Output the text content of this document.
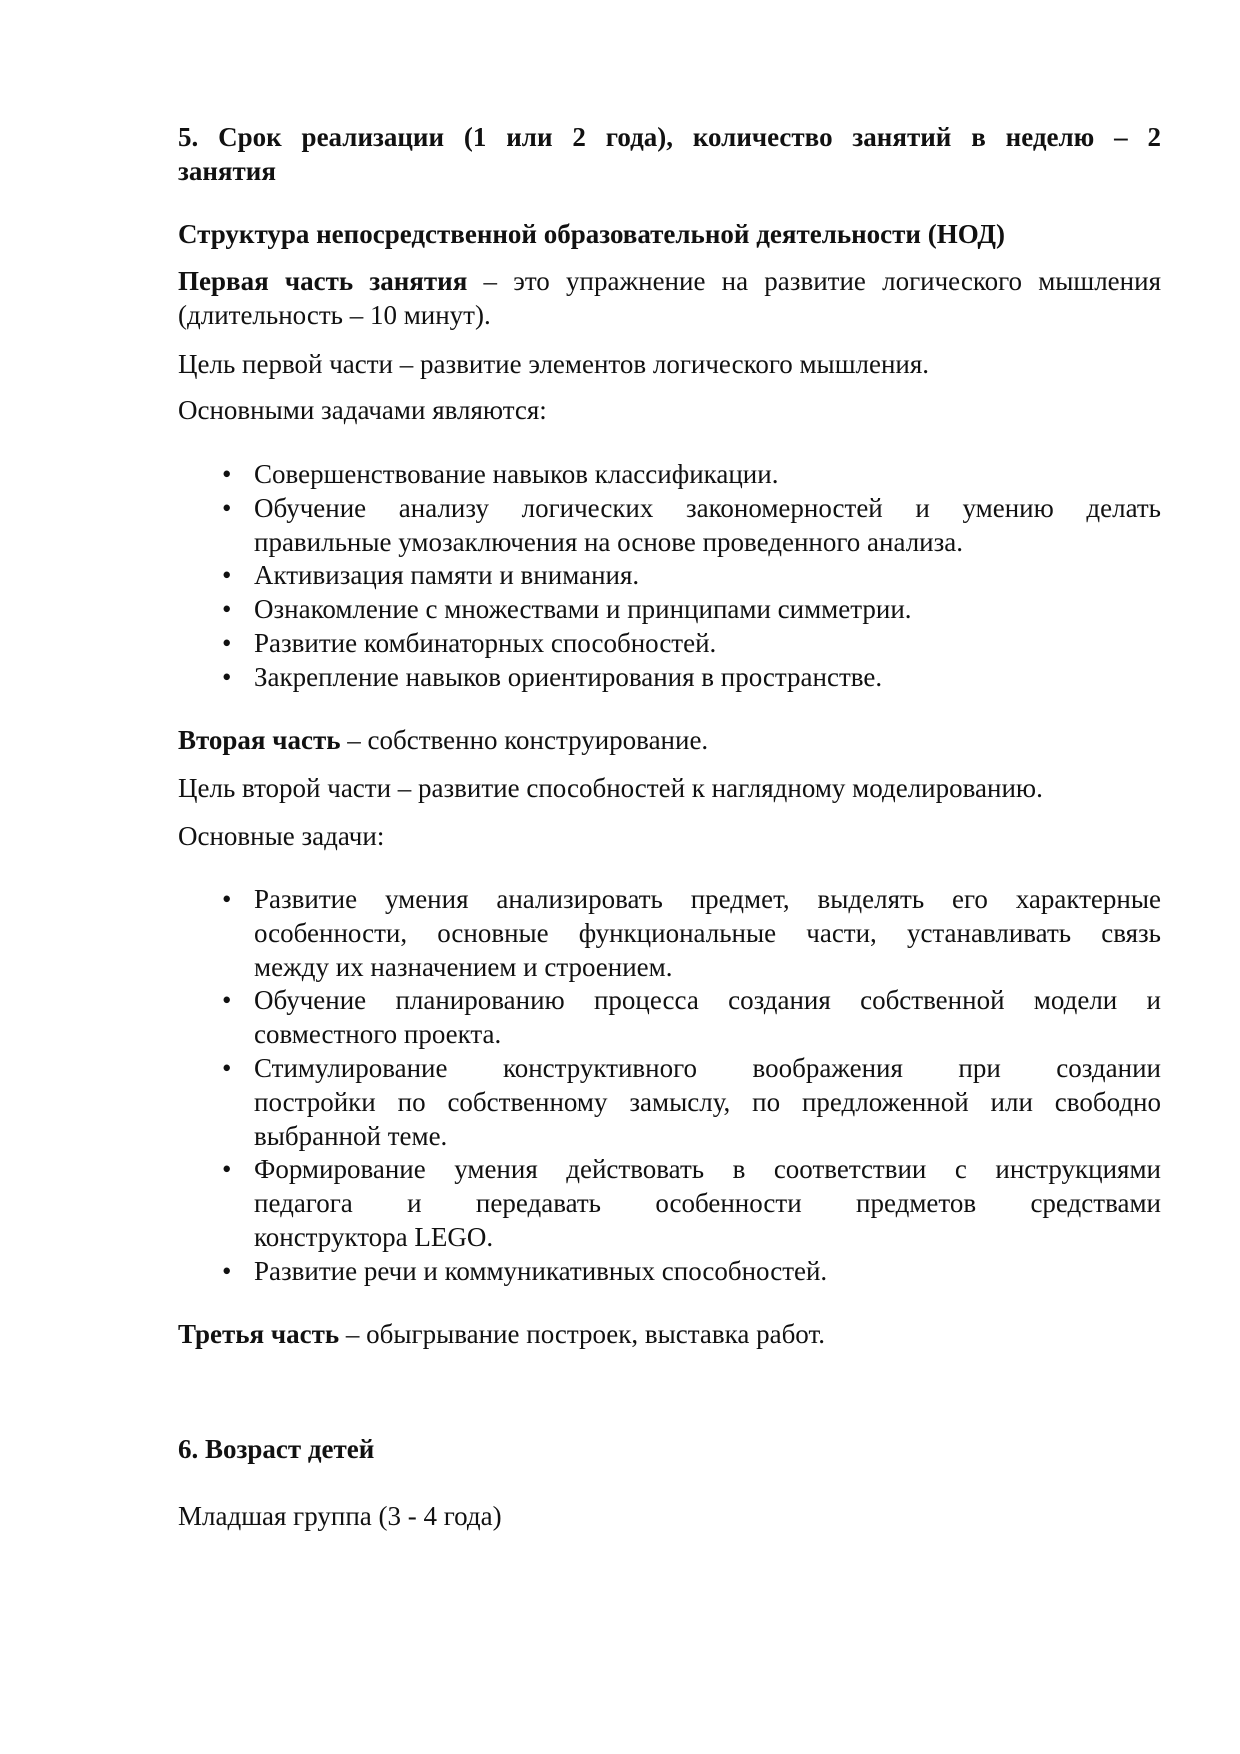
5. Срок реализации (1 или 2 года), количество занятий в неделю – 2
занятия
Структура непосредственной образовательной деятельности (НОД)
Первая часть занятия – это упражнение на развитие логического мышления
(длительность – 10 минут).
Цель первой части – развитие элементов логического мышления.
Основными задачами являются:
• Совершенствование навыков классификации.
• Обучение анализу логических закономерностей и умению делать
правильные умозаключения на основе проведенного анализа.
• Активизация памяти и внимания.
• Ознакомление с множествами и принципами симметрии.
• Развитие комбинаторных способностей.
• Закрепление навыков ориентирования в пространстве.
Вторая часть – собственно конструирование.
Цель второй части – развитие способностей к наглядному моделированию.
Основные задачи:
• Развитие умения анализировать предмет, выделять его характерные
особенности, основные функциональные части, устанавливать связь
между их назначением и строением.
• Обучение планированию процесса создания собственной модели и
совместного проекта.
• Стимулирование конструктивного воображения при создании
постройки по собственному замыслу, по предложенной или свободно
выбранной теме.
• Формирование умения действовать в соответствии с инструкциями
педагога и передавать особенности предметов средствами
конструктора LEGO.
• Развитие речи и коммуникативных способностей.
Третья часть – обыгрывание построек, выставка работ.
6. Возраст детей
Младшая группа (3 - 4 года)
